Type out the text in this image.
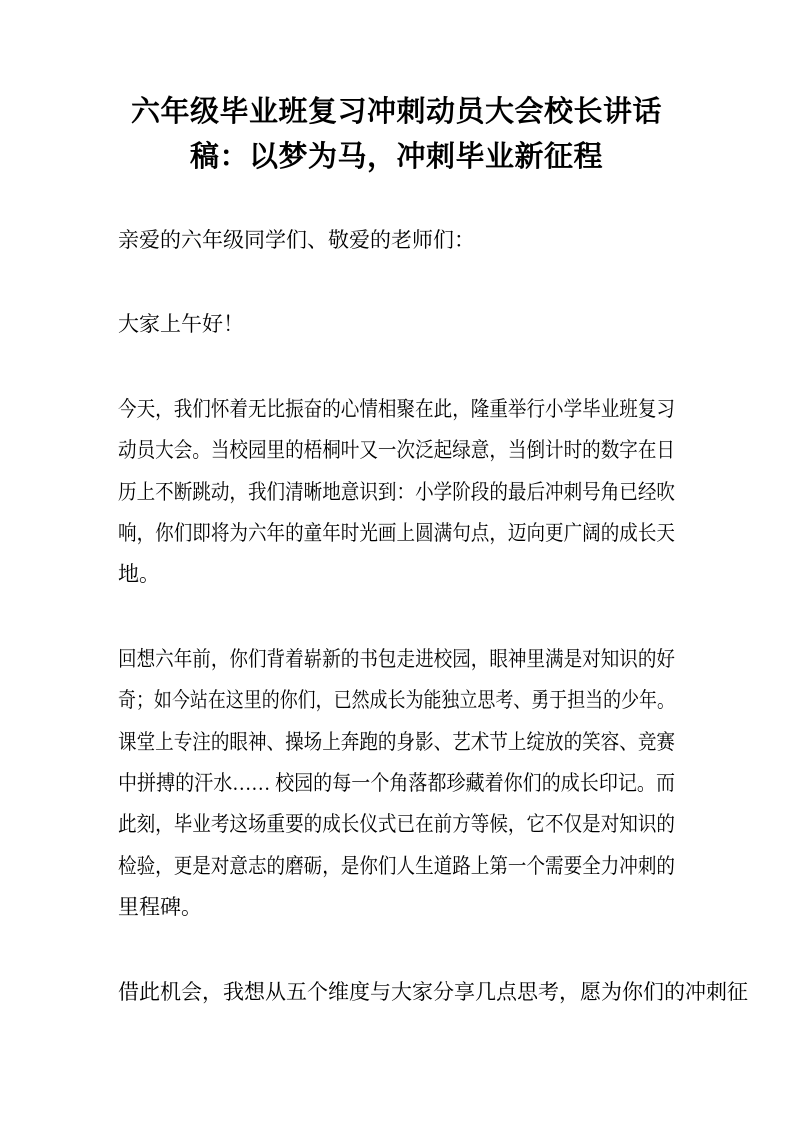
六年级毕业班复习冲刺动员大会校长讲话
稿：以梦为马，冲刺毕业新征程
亲爱的六年级同学们、敬爱的老师们：
大家上午好！
今天，我们怀着无比振奋的心情相聚在此，隆重举行小学毕业班复习
动员大会。当校园里的梧桐叶又一次泛起绿意，当倒计时的数字在日
历上不断跳动，我们清晰地意识到：小学阶段的最后冲刺号角已经吹
响，你们即将为六年的童年时光画上圆满句点，迈向更广阔的成长天
地。
回想六年前，你们背着崭新的书包走进校园，眼神里满是对知识的好
奇；如今站在这里的你们，已然成长为能独立思考、勇于担当的少年。
课堂上专注的眼神、操场上奔跑的身影、艺术节上绽放的笑容、竞赛
中拼搏的汗水…… 校园的每一个角落都珍藏着你们的成长印记。而
此刻，毕业考这场重要的成长仪式已在前方等候，它不仅是对知识的
检验，更是对意志的磨砺，是你们人生道路上第一个需要全力冲刺的
里程碑。
借此机会，我想从五个维度与大家分享几点思考，愿为你们的冲刺征
